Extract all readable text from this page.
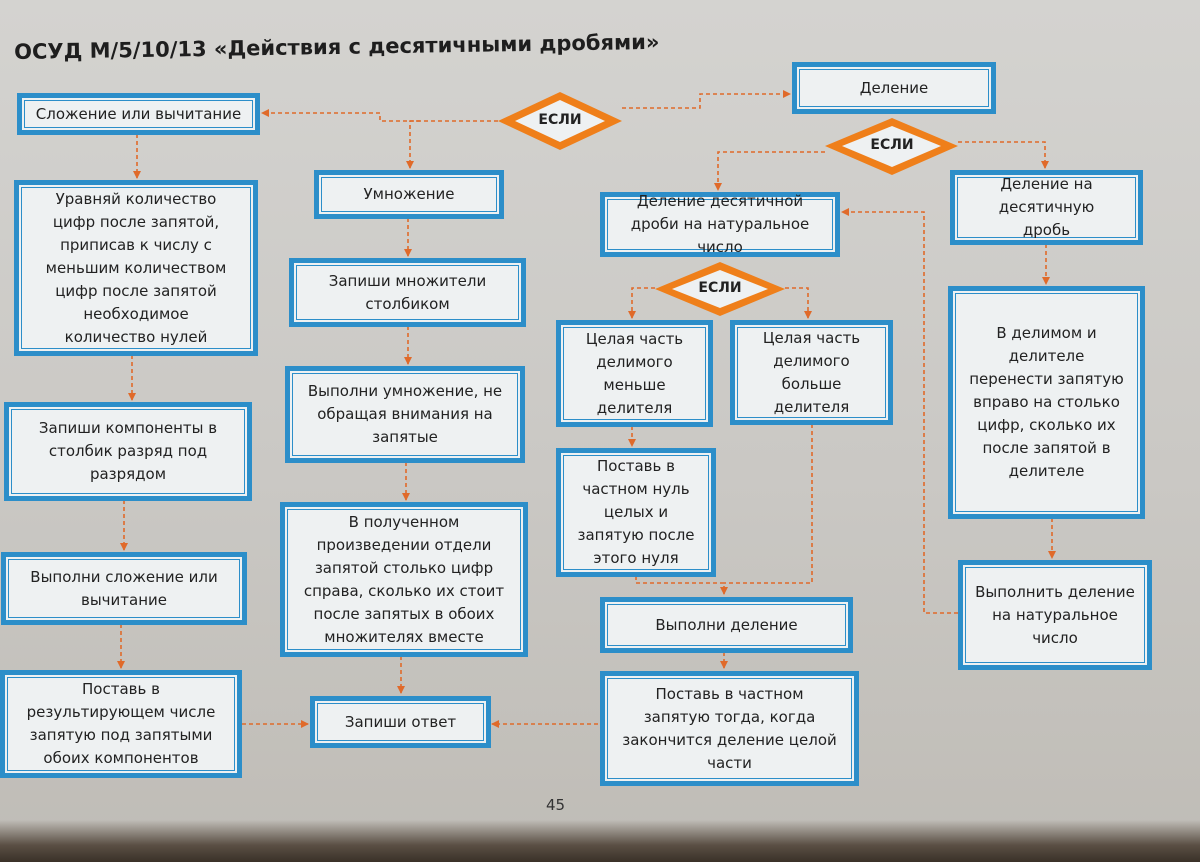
ОСУД М/5/10/13 «Действия с десятичными дробями»
ЕСЛИ
ЕСЛИ
ЕСЛИ
Сложение или вычитание
Уравняй количество цифр после запятой, приписав к числу с меньшим количеством цифр после запятой необходимое количество нулей
Запиши компоненты в столбик разряд под разрядом
Выполни сложение или вычитание
Поставь в результирующем числе запятую под запятыми обоих компонентов
Умножение
Запиши множители столбиком
Выполни умножение, не обращая внимания на запятые
В полученном произведении отдели запятой столько цифр справа, сколько их стоит после запятых в обоих множителях вместе
Запиши ответ
Деление
Деление десятичной дроби на натуральное число
Целая часть делимого меньше делителя
Целая часть делимого больше делителя
Поставь в частном нуль целых и запятую после этого нуля
Выполни деление
Поставь в частном запятую тогда, когда закончится деление целой части
Деление на десятичную дробь
В делимом и делителе перенести запятую вправо на столько цифр, сколько их после запятой в делителе
Выполнить деление на натуральное число
45
